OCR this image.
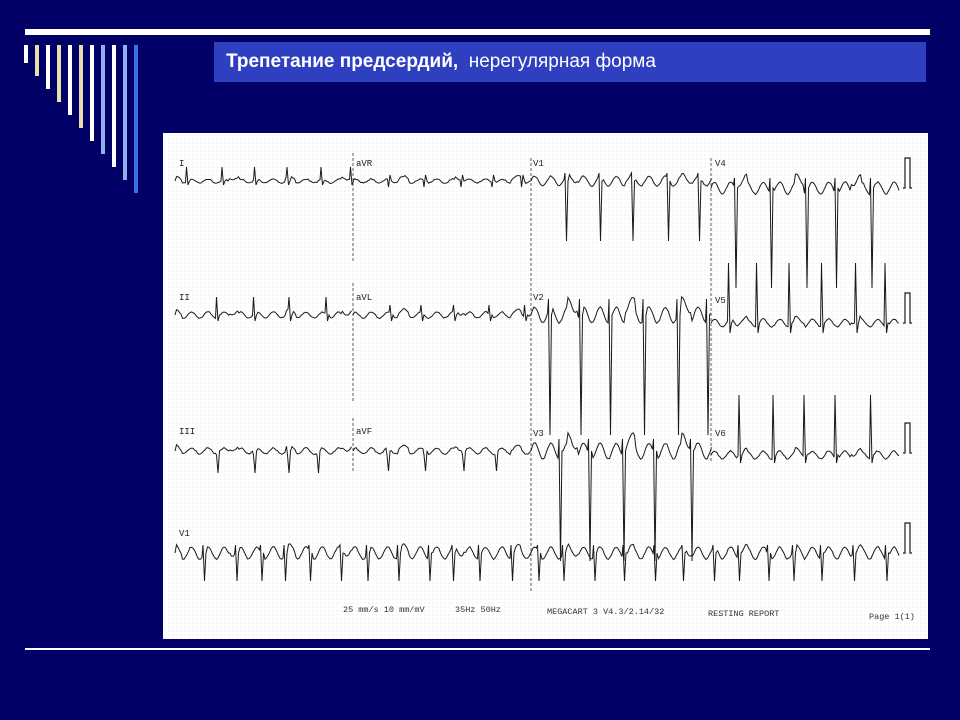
Трепетание предсердий,
нерегулярная форма
I	aVR	V1	V4
II	aVL	V2	V5
III	aVF	V3	V6
V1
25 mm/s 10 mm/mV	35Hz 50Hz	MEGACART 3 V4.3/2.14/32	RESTING REPORT	Page 1(1)
